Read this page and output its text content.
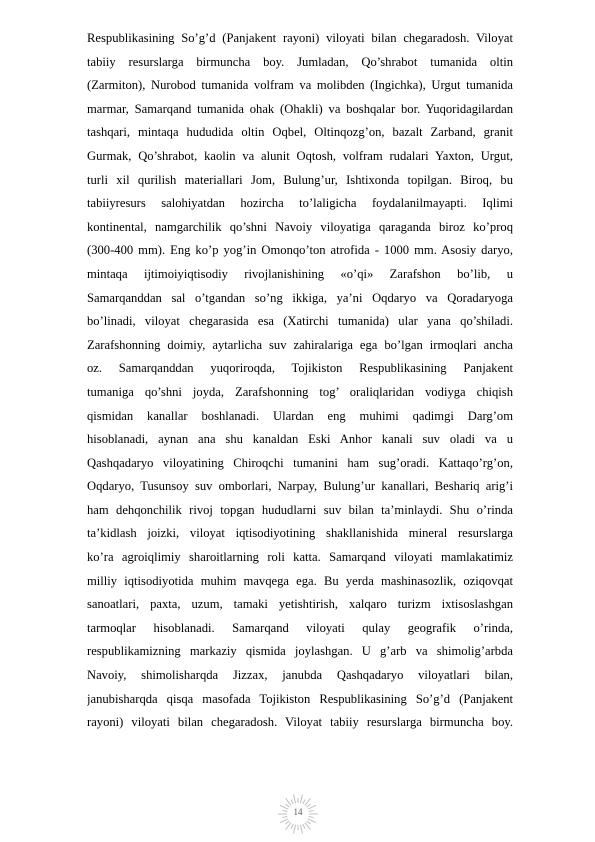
Respublikasining So’g’d (Panjakent rayoni) viloyati bilan chegaradosh. Viloyat
tabiiy resurslarga birmuncha boy. Jumladan, Qo’shrabot tumanida oltin
(Zarmiton), Nurobod tumanida volfram va molibden (Ingichka), Urgut tumanida
marmar, Samarqand tumanida ohak (Ohakli) va boshqalar bor. Yuqoridagilardan
tashqari, mintaqa hududida oltin Oqbel, Oltinqozg’on, bazalt Zarband, granit
Gurmak, Qo’shrabot, kaolin va alunit Oqtosh, volfram rudalari Yaxton, Urgut,
turli xil qurilish materiallari Jom, Bulung’ur, Ishtixonda topilgan. Biroq, bu
tabiiyresurs salohiyatdan hozircha to’laligicha foydalanilmayapti. Iqlimi
kontinental, namgarchilik qo’shni Navoiy viloyatiga qaraganda biroz ko’proq
(300-400 mm). Eng ko’p yog’in Omonqo’ton atrofida - 1000 mm. Asosiy daryo,
mintaqa ijtimoiyiqtisodiy rivojlanishining «o’qi» Zarafshon bo’lib, u
Samarqanddan sal o’tgandan so’ng ikkiga, ya’ni Oqdaryo va Qoradaryoga
bo’linadi, viloyat chegarasida esa (Xatirchi tumanida) ular yana qo’shiladi.
Zarafshonning doimiy, aytarlicha suv zahiralariga ega bo’lgan irmoqlari ancha
oz. Samarqanddan yuqoriroqda, Tojikiston Respublikasining Panjakent
tumaniga qo’shni joyda, Zarafshonning tog’ oraliqlaridan vodiyga chiqish
qismidan kanallar boshlanadi. Ulardan eng muhimi qadimgi Darg’om
hisoblanadi, aynan ana shu kanaldan Eski Anhor kanali suv oladi va u
Qashqadaryo viloyatining Chiroqchi tumanini ham sug’oradi. Kattaqo’rg’on,
Oqdaryo, Tusunsoy suv omborlari, Narpay, Bulung’ur kanallari, Beshariq arig’i
ham dehqonchilik rivoj topgan hududlarni suv bilan ta’minlaydi. Shu o’rinda
ta’kidlash joizki, viloyat iqtisodiyotining shakllanishida mineral resurslarga
ko’ra agroiqlimiy sharoitlarning roli katta. Samarqand viloyati mamlakatimiz
milliy iqtisodiyotida muhim mavqega ega. Bu yerda mashinasozlik, oziqovqat
sanoatlari, paxta, uzum, tamaki yetishtirish, xalqaro turizm ixtisoslashgan
tarmoqlar hisoblanadi. Samarqand viloyati qulay geografik o’rinda,
respublikamizning markaziy qismida joylashgan. U g’arb va shimolig’arbda
Navoiy, shimolisharqda Jizzax, janubda Qashqadaryo viloyatlari bilan,
janubisharqda qisqa masofada Tojikiston Respublikasining So’g’d (Panjakent
rayoni) viloyati bilan chegaradosh. Viloyat tabiiy resurslarga birmuncha boy.
14
